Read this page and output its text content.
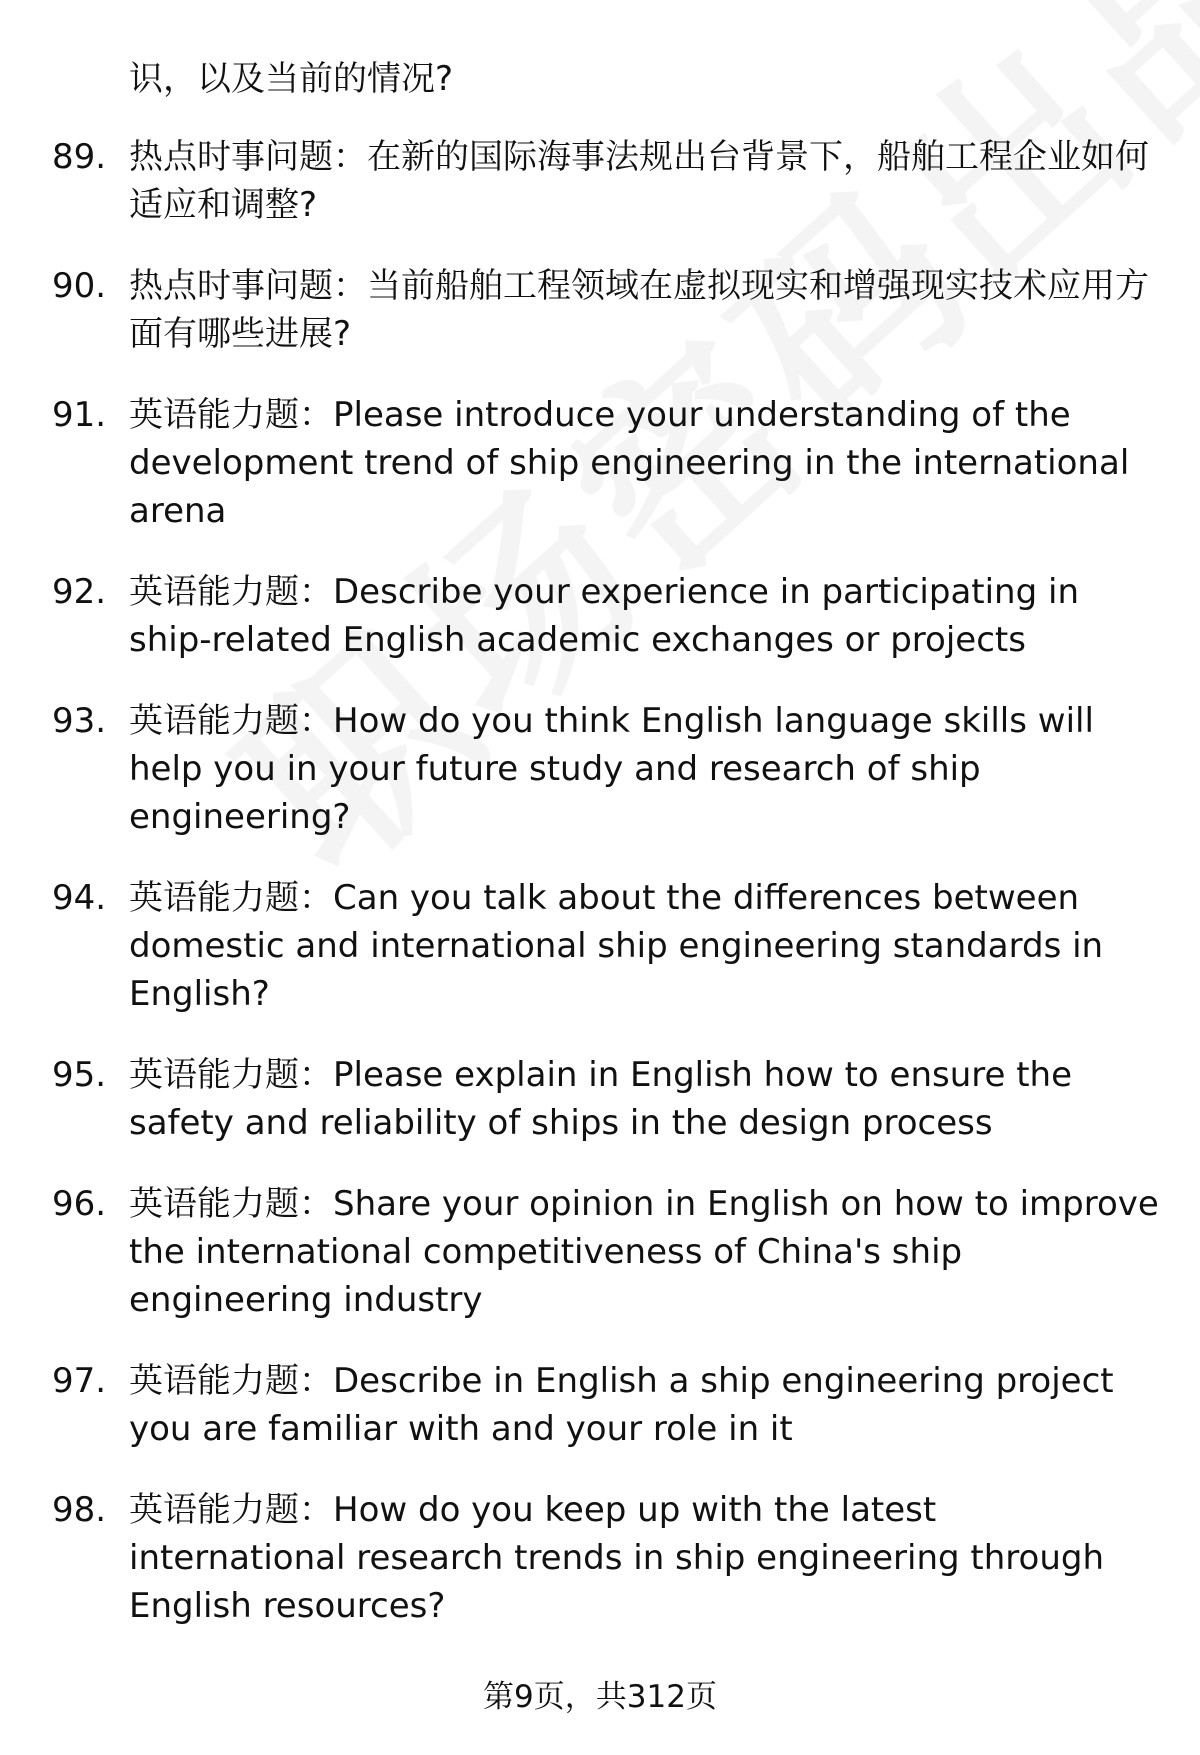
识，以及当前的情况?
89. 热点时事问题：在新的国际海事法规出台背景下，船舶工程企业如何适应和调整?
90. 热点时事问题：当前船舶工程领域在虚拟现实和增强现实技术应用方面有哪些进展?
91. 英语能力题：Please introduce your understanding of the development trend of ship engineering in the international arena
92. 英语能力题：Describe your experience in participating in ship-related English academic exchanges or projects
93. 英语能力题：How do you think English language skills will help you in your future study and research of ship engineering?
94. 英语能力题：Can you talk about the differences between domestic and international ship engineering standards in English?
95. 英语能力题：Please explain in English how to ensure the safety and reliability of ships in the design process
96. 英语能力题：Share your opinion in English on how to improve the international competitiveness of China's ship engineering industry
97. 英语能力题：Describe in English a ship engineering project you are familiar with and your role in it
98. 英语能力题：How do you keep up with the latest international research trends in ship engineering through English resources?
第9页，共312页
